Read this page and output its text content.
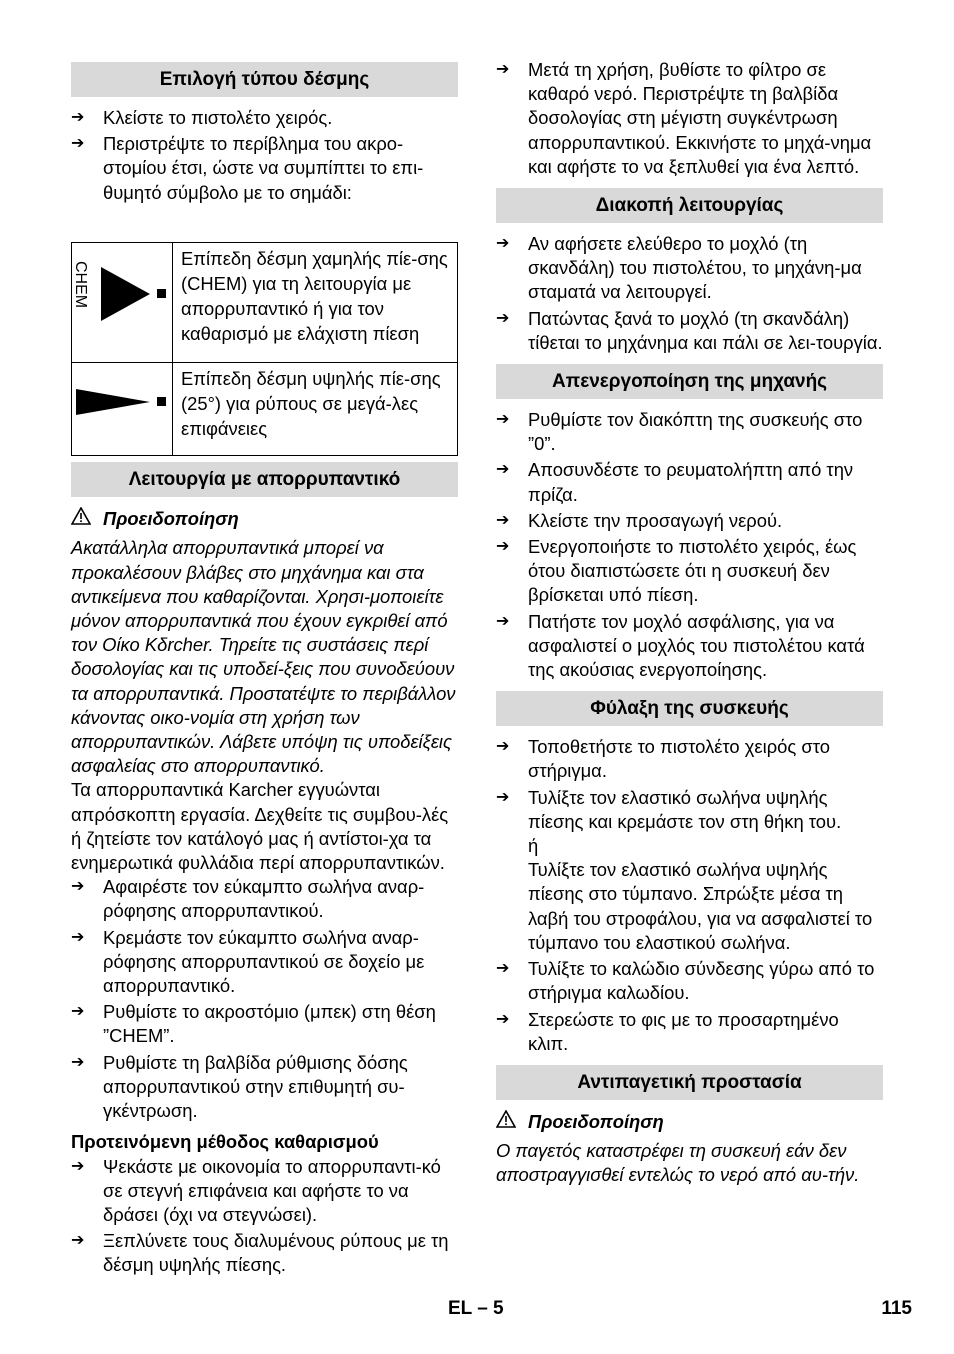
Επιλογή τύπου δέσμης
➔
Κλείστε το πιστολέτο χειρός.
➔
Περιστρέψτε το περίβλημα του ακρο-στομίου έτσι, ώστε να συμπίπτει το επι-θυμητό σύμβολο με το σημάδι:
CHEM	Επίπεδη δέσμη χαμηλής πίε-σης (CHEM) για τη λειτουργία με απορρυπαντικό ή για τον καθαρισμό με ελάχιστη πίεση
	Επίπεδη δέσμη υψηλής πίε-σης (25°) για ρύπους σε μεγά-λες επιφάνειες
Λειτουργία με απορρυπαντικό
Προειδοποίηση
Ακατάλληλα απορρυπαντικά μπορεί να προκαλέσουν βλάβες στο μηχάνημα και στα αντικείμενα που καθαρίζονται. Χρησι-μοποιείτε μόνον απορρυπαντικά που έχουν εγκριθεί από τον Οίκο Kδrcher. Τηρείτε τις συστάσεις περί δοσολογίας και τις υποδεί-ξεις που συνοδεύουν τα απορρυπαντικά. Προστατέψτε το περιβάλλον κάνοντας οικο-νομία στη χρήση των απορρυπαντικών. Λάβετε υπόψη τις υποδείξεις ασφαλείας στο απορρυπαντικό.
Τα απορρυπαντικά Karcher εγγυώνται απρόσκοπτη εργασία. Δεχθείτε τις συμβου-λές ή ζητείστε τον κατάλογό μας ή αντίστοι-χα τα ενημερωτικά φυλλάδια περί απορρυπαντικών.
➔
Αφαιρέστε τον εύκαμπτο σωλήνα αναρ-ρόφησης απορρυπαντικού.
➔
Κρεμάστε τον εύκαμπτο σωλήνα αναρ-ρόφησης απορρυπαντικού σε δοχείο με απορρυπαντικό.
➔
Ρυθμίστε το ακροστόμιο (μπεκ) στη θέση ”CHEM”.
➔
Ρυθμίστε τη βαλβίδα ρύθμισης δόσης απορρυπαντικού στην επιθυμητή συ-γκέντρωση.
Προτεινόμενη μέθοδος καθαρισμού
➔
Ψεκάστε με οικονομία το απορρυπαντι-κό σε στεγνή επιφάνεια και αφήστε το να δράσει (όχι να στεγνώσει).
➔
Ξεπλύνετε τους διαλυμένους ρύπους με τη δέσμη υψηλής πίεσης.
➔
Μετά τη χρήση, βυθίστε το φίλτρο σε καθαρό νερό. Περιστρέψτε τη βαλβίδα δοσολογίας στη μέγιστη συγκέντρωση απορρυπαντικού. Εκκινήστε το μηχά-νημα και αφήστε το να ξεπλυθεί για ένα λεπτό.
Διακοπή λειτουργίας
➔
Αν αφήσετε ελεύθερο το μοχλό (τη σκανδάλη) του πιστολέτου, το μηχάνη-μα σταματά να λειτουργεί.
➔
Πατώντας ξανά το μοχλό (τη σκανδάλη) τίθεται το μηχάνημα και πάλι σε λει-τουργία.
Απενεργοποίηση της μηχανής
➔
Ρυθμίστε τον διακόπτη της συσκευής στο ”0”.
➔
Αποσυνδέστε το ρευματολήπτη από την πρίζα.
➔
Κλείστε την προσαγωγή νερού.
➔
Ενεργοποιήστε το πιστολέτο χειρός, έως ότου διαπιστώσετε ότι η συσκευή δεν βρίσκεται υπό πίεση.
➔
Πατήστε τον μοχλό ασφάλισης, για να ασφαλιστεί ο μοχλός του πιστολέτου κατά της ακούσιας ενεργοποίησης.
Φύλαξη της συσκευής
➔
Τοποθετήστε το πιστολέτο χειρός στο στήριγμα.
➔
Τυλίξτε τον ελαστικό σωλήνα υψηλής πίεσης και κρεμάστε τον στη θήκη του.
ή
Τυλίξτε τον ελαστικό σωλήνα υψηλής πίεσης στο τύμπανο. Σπρώξτε μέσα τη λαβή του στροφάλου, για να ασφαλιστεί το τύμπανο του ελαστικού σωλήνα.
➔
Τυλίξτε το καλώδιο σύνδεσης γύρω από το στήριγμα καλωδίου.
➔
Στερεώστε το φις με το προσαρτημένο κλιπ.
Αντιπαγετική προστασία
Προειδοποίηση
Ο παγετός καταστρέφει τη συσκευή εάν δεν αποστραγγισθεί εντελώς το νερό από αυ-τήν.
EL – 5	115
